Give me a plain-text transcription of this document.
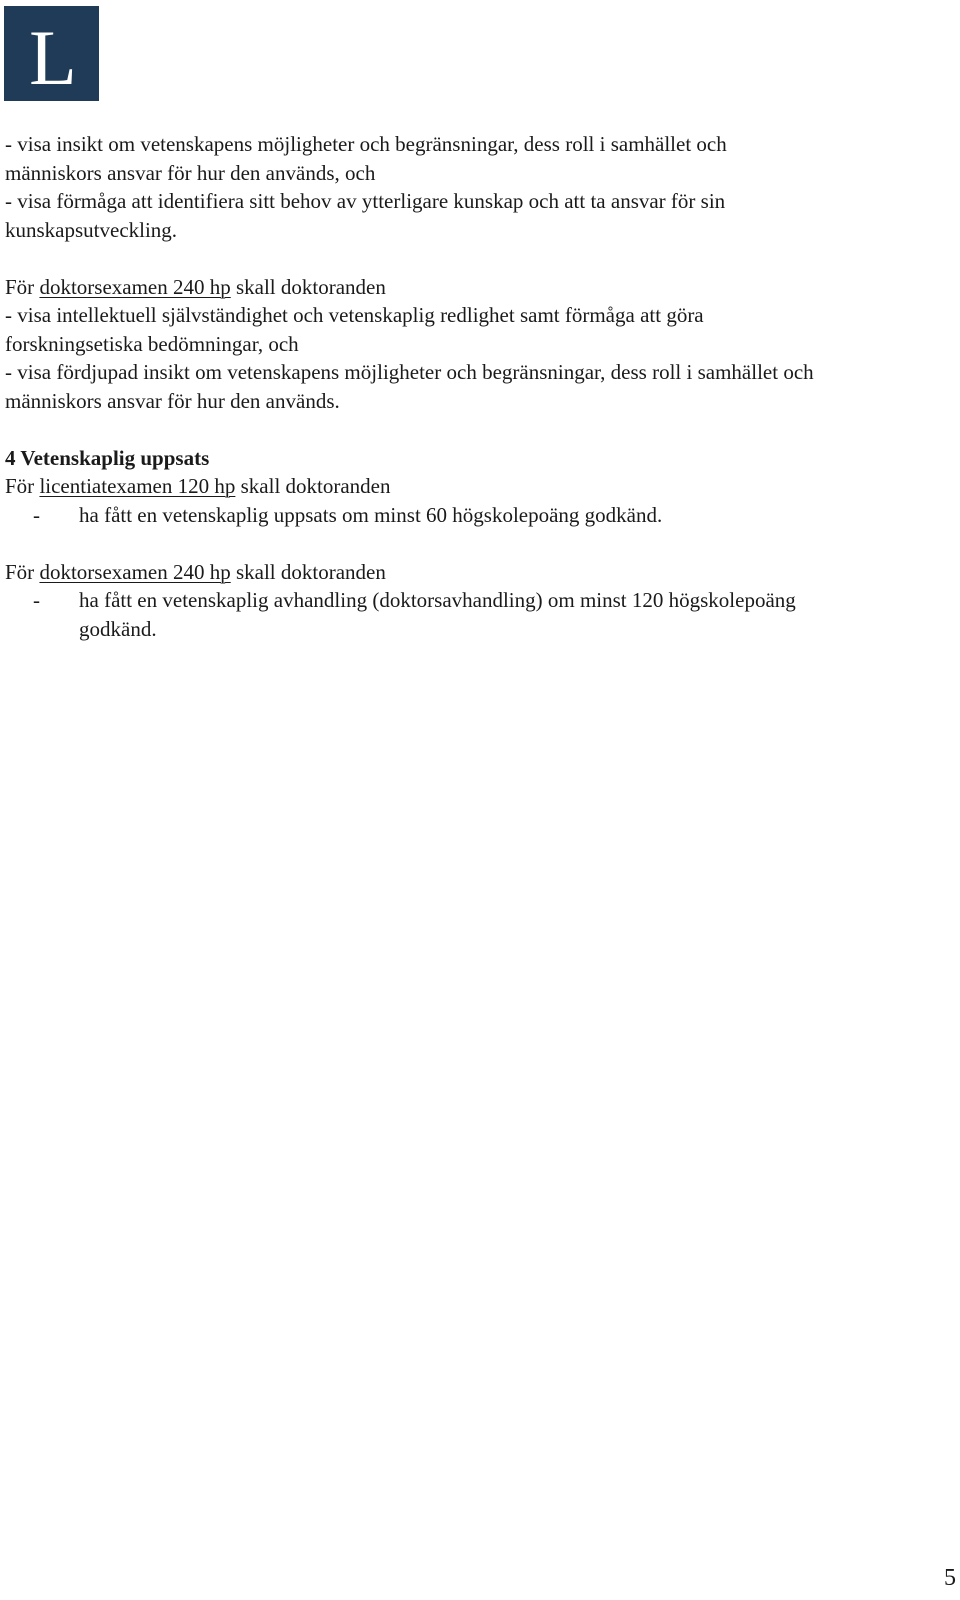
L

- visa insikt om vetenskapens möjligheter och begränsningar, dess roll i samhället och

människors ansvar för hur den används, och

- visa förmåga att identifiera sitt behov av ytterligare kunskap och att ta ansvar för sin

kunskapsutveckling.

För doktorsexamen 240 hp skall doktoranden

- visa intellektuell självständighet och vetenskaplig redlighet samt förmåga att göra

forskningsetiska bedömningar, och

- visa fördjupad insikt om vetenskapens möjligheter och begränsningar, dess roll i samhället och

människors ansvar för hur den används.

4 Vetenskaplig uppsats

För licentiatexamen 120 hp skall doktoranden

-	ha fått en vetenskaplig uppsats om minst 60 högskolepoäng godkänd.

För doktorsexamen 240 hp skall doktoranden

-	ha fått en vetenskaplig avhandling (doktorsavhandling) om minst 120 högskolepoäng
godkänd.
5
